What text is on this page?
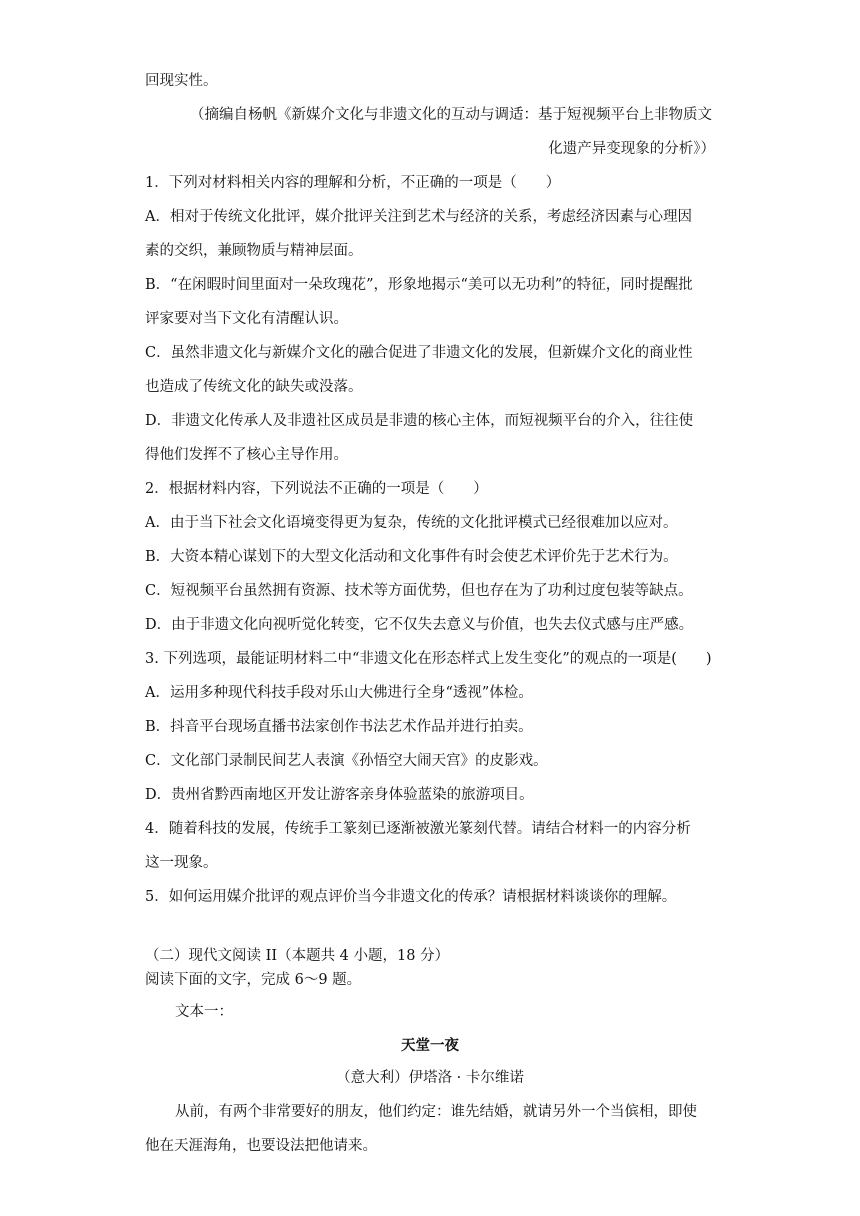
回现实性。
（摘编自杨帆《新媒介文化与非遗文化的互动与调适：基于短视频平台上非物质文
化遗产异变现象的分析》）
1．下列对材料相关内容的理解和分析，不正确的一项是（　　）
A．相对于传统文化批评，媒介批评关注到艺术与经济的关系，考虑经济因素与心理因
素的交织，兼顾物质与精神层面。
B．“在闲暇时间里面对一朵玫瑰花”，形象地揭示“美可以无功利”的特征，同时提醒批
评家要对当下文化有清醒认识。
C．虽然非遗文化与新媒介文化的融合促进了非遗文化的发展，但新媒介文化的商业性
也造成了传统文化的缺失或没落。
D．非遗文化传承人及非遗社区成员是非遗的核心主体，而短视频平台的介入，往往使
得他们发挥不了核心主导作用。
2．根据材料内容，下列说法不正确的一项是（　　）
A．由于当下社会文化语境变得更为复杂，传统的文化批评模式已经很难加以应对。
B．大资本精心谋划下的大型文化活动和文化事件有时会使艺术评价先于艺术行为。
C．短视频平台虽然拥有资源、技术等方面优势，但也存在为了功利过度包装等缺点。
D．由于非遗文化向视听觉化转变，它不仅失去意义与价值，也失去仪式感与庄严感。
3. 下列选项，最能证明材料二中“非遗文化在形态样式上发生变化”的观点的一项是(　　)
A．运用多种现代科技手段对乐山大佛进行全身“透视”体检。
B．抖音平台现场直播书法家创作书法艺术作品并进行拍卖。
C．文化部门录制民间艺人表演《孙悟空大闹天宫》的皮影戏。
D．贵州省黔西南地区开发让游客亲身体验蓝染的旅游项目。
4．随着科技的发展，传统手工篆刻已逐渐被激光篆刻代替。请结合材料一的内容分析
这一现象。
5．如何运用媒介批评的观点评价当今非遗文化的传承？请根据材料谈谈你的理解。
（二）现代文阅读 II（本题共 4 小题，18 分）
阅读下面的文字，完成 6～9 题。
文本一：
天堂一夜
（意大利）伊塔洛 · 卡尔维诺
从前，有两个非常要好的朋友，他们约定：谁先结婚，就请另外一个当傧相，即使
他在天涯海角，也要设法把他请来。
